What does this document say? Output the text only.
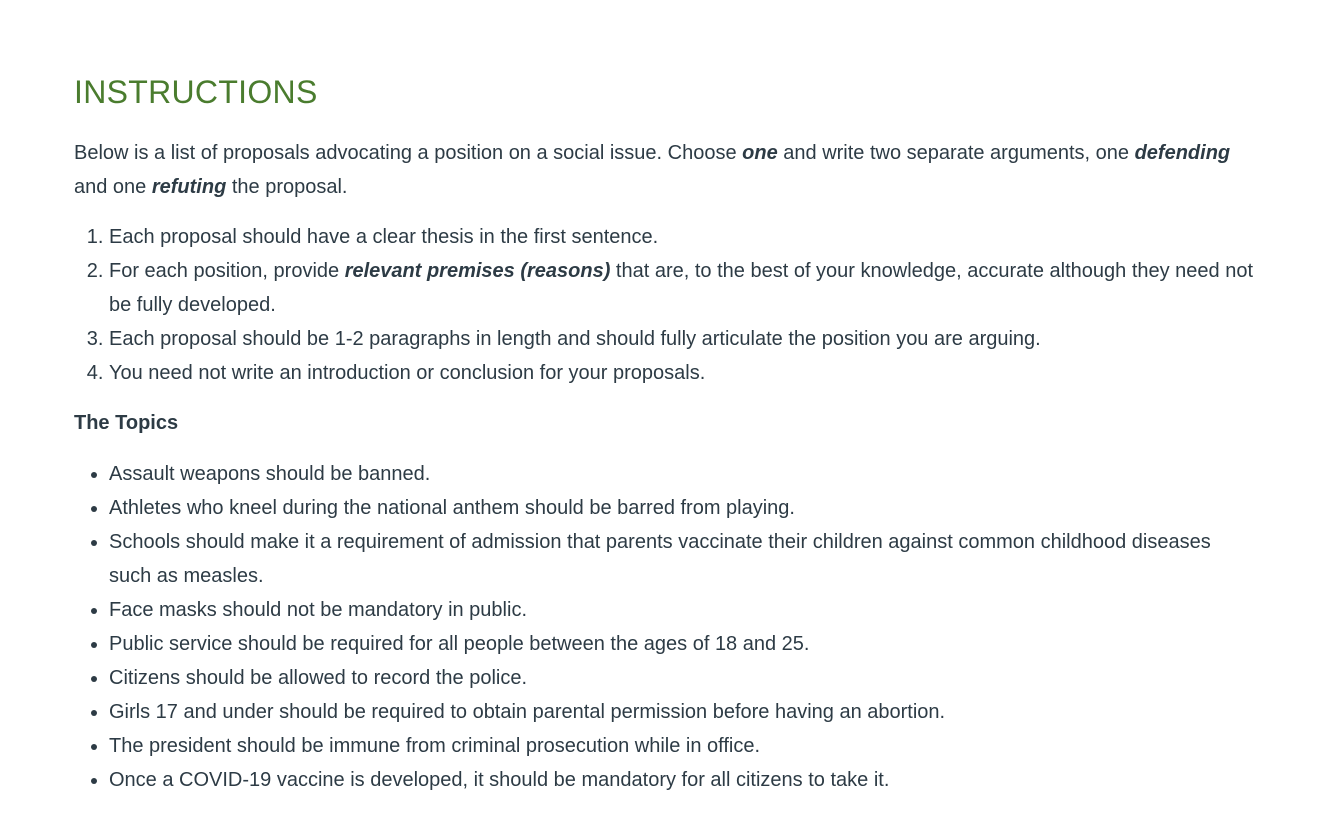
INSTRUCTIONS

Below is a list of proposals advocating a position on a social issue. Choose one and write two separate arguments, one defending and one refuting the proposal.

1. Each proposal should have a clear thesis in the first sentence.
2. For each position, provide relevant premises (reasons) that are, to the best of your knowledge, accurate although they need not be fully developed.
3. Each proposal should be 1-2 paragraphs in length and should fully articulate the position you are arguing.
4. You need not write an introduction or conclusion for your proposals.
The Topics
• Assault weapons should be banned.
• Athletes who kneel during the national anthem should be barred from playing.
• Schools should make it a requirement of admission that parents vaccinate their children against common childhood diseases such as measles.
• Face masks should not be mandatory in public.
• Public service should be required for all people between the ages of 18 and 25.
• Citizens should be allowed to record the police.
• Girls 17 and under should be required to obtain parental permission before having an abortion.
• The president should be immune from criminal prosecution while in office.
• Once a COVID-19 vaccine is developed, it should be mandatory for all citizens to take it.
